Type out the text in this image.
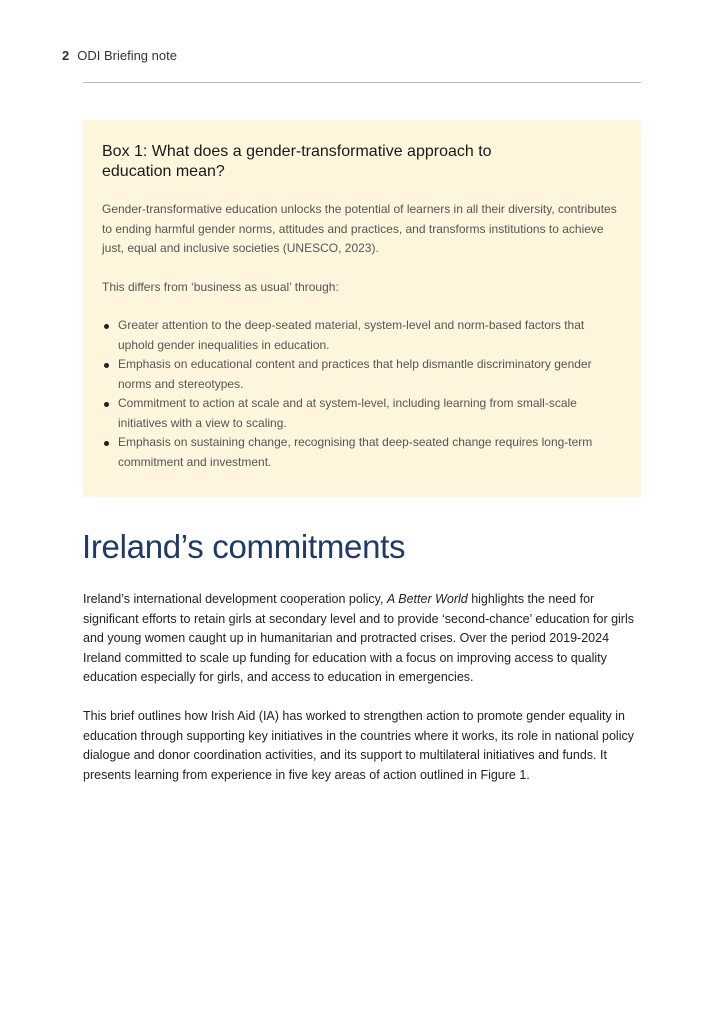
2 ODI Briefing note
Box 1: What does a gender-transformative approach to education mean?

Gender-transformative education unlocks the potential of learners in all their diversity, contributes to ending harmful gender norms, attitudes and practices, and transforms institutions to achieve just, equal and inclusive societies (UNESCO, 2023).

This differs from ‘business as usual’ through:

Greater attention to the deep-seated material, system-level and norm-based factors that uphold gender inequalities in education.
Emphasis on educational content and practices that help dismantle discriminatory gender norms and stereotypes.
Commitment to action at scale and at system-level, including learning from small-scale initiatives with a view to scaling.
Emphasis on sustaining change, recognising that deep-seated change requires long-term commitment and investment.
Ireland’s commitments

Ireland’s international development cooperation policy, A Better World highlights the need for significant efforts to retain girls at secondary level and to provide ‘second-chance’ education for girls and young women caught up in humanitarian and protracted crises. Over the period 2019-2024 Ireland committed to scale up funding for education with a focus on improving access to quality education especially for girls, and access to education in emergencies.

This brief outlines how Irish Aid (IA) has worked to strengthen action to promote gender equality in education through supporting key initiatives in the countries where it works, its role in national policy dialogue and donor coordination activities, and its support to multilateral initiatives and funds. It presents learning from experience in five key areas of action outlined in Figure 1.
